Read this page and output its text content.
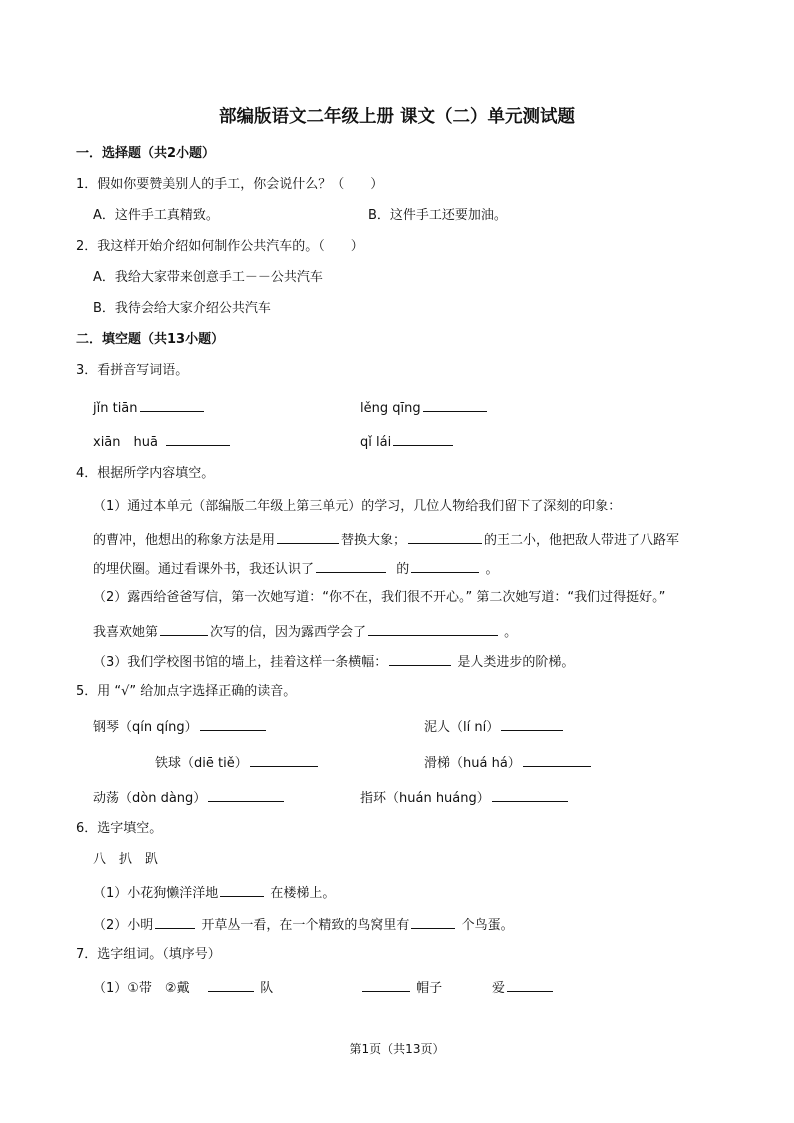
部编版语文二年级上册 课文（二）单元测试题
一．选择题（共2小题）
1．假如你要赞美别人的手工，你会说什么？（　　）
A．这件手工真精致。	B．这件手工还要加油。
2．我这样开始介绍如何制作公共汽车的。（　　）
A．我给大家带来创意手工－－公共汽车
B．我待会给大家介绍公共汽车
二．填空题（共13小题）
3．看拼音写词语。
jǐn tiān	lěng qīng
xiān　huā	qǐ lái
4．根据所学内容填空。
（1）通过本单元（部编版二年级上第三单元）的学习，几位人物给我们留下了深刻的印象：
的曹冲，他想出的称象方法是用	替换大象；	的王二小，他把敌人带进了八路军
的埋伏圈。通过看课外书，我还认识了	的	。
（2）露西给爸爸写信，第一次她写道：“你不在，我们很不开心。” 第二次她写道：“我们过得挺好。”
我喜欢她第	次写的信，因为露西学会了	。
（3）我们学校图书馆的墙上，挂着这样一条横幅：	是人类进步的阶梯。
5．用 “√” 给加点字选择正确的读音。
钢琴（qín qíng）	泥人（lí ní）
铁球（diē tiě）	滑梯（huá há）
动荡（dòn dàng）	指环（huán huáng）
6．选字填空。
八　扒　趴
（1）小花狗懒洋洋地	在楼梯上。
（2）小明	开草丛一看，在一个精致的鸟窝里有	个鸟蛋。
7．选字组词。（填序号）
（1）①带　②戴	队	帽子	爱
第1页（共13页）
